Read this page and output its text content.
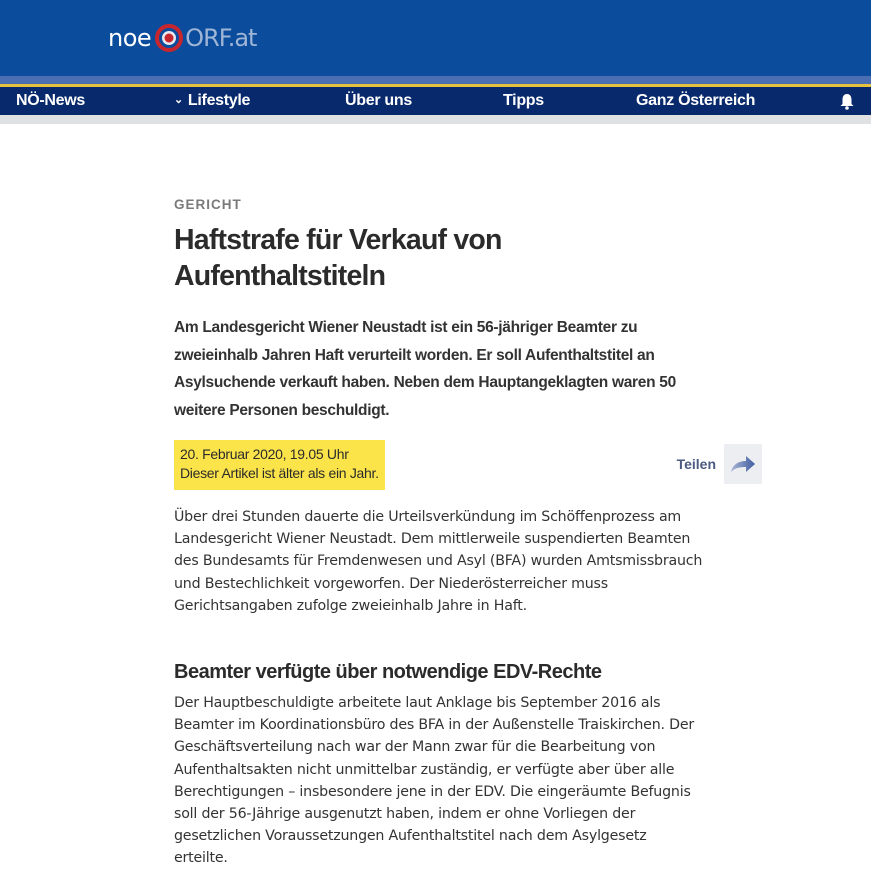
noe ORF.at
NÖ-News	⌄ Lifestyle	Über uns	Tipps	Ganz Österreich
GERICHT
Haftstrafe für Verkauf von Aufenthaltstiteln

Am Landesgericht Wiener Neustadt ist ein 56-jähriger Beamter zu zweieinhalb Jahren Haft verurteilt worden. Er soll Aufenthaltstitel an Asylsuchende verkauft haben. Neben dem Hauptangeklagten waren 50 weitere Personen beschuldigt.

20. Februar 2020, 19.05 Uhr
Dieser Artikel ist älter als ein Jahr.
Teilen

Über drei Stunden dauerte die Urteilsverkündung im Schöffenprozess am Landesgericht Wiener Neustadt. Dem mittlerweile suspendierten Beamten des Bundesamts für Fremdenwesen und Asyl (BFA) wurden Amtsmissbrauch und Bestechlichkeit vorgeworfen. Der Niederösterreicher muss Gerichtsangaben zufolge zweieinhalb Jahre in Haft.

Beamter verfügte über notwendige EDV-Rechte

Der Hauptbeschuldigte arbeitete laut Anklage bis September 2016 als Beamter im Koordinationsbüro des BFA in der Außenstelle Traiskirchen. Der Geschäftsverteilung nach war der Mann zwar für die Bearbeitung von Aufenthaltsakten nicht unmittelbar zuständig, er verfügte aber über alle Berechtigungen – insbesondere jene in der EDV. Die eingeräumte Befugnis soll der 56-Jährige ausgenutzt haben, indem er ohne Vorliegen der gesetzlichen Voraussetzungen Aufenthaltstitel nach dem Asylgesetz erteilte.
